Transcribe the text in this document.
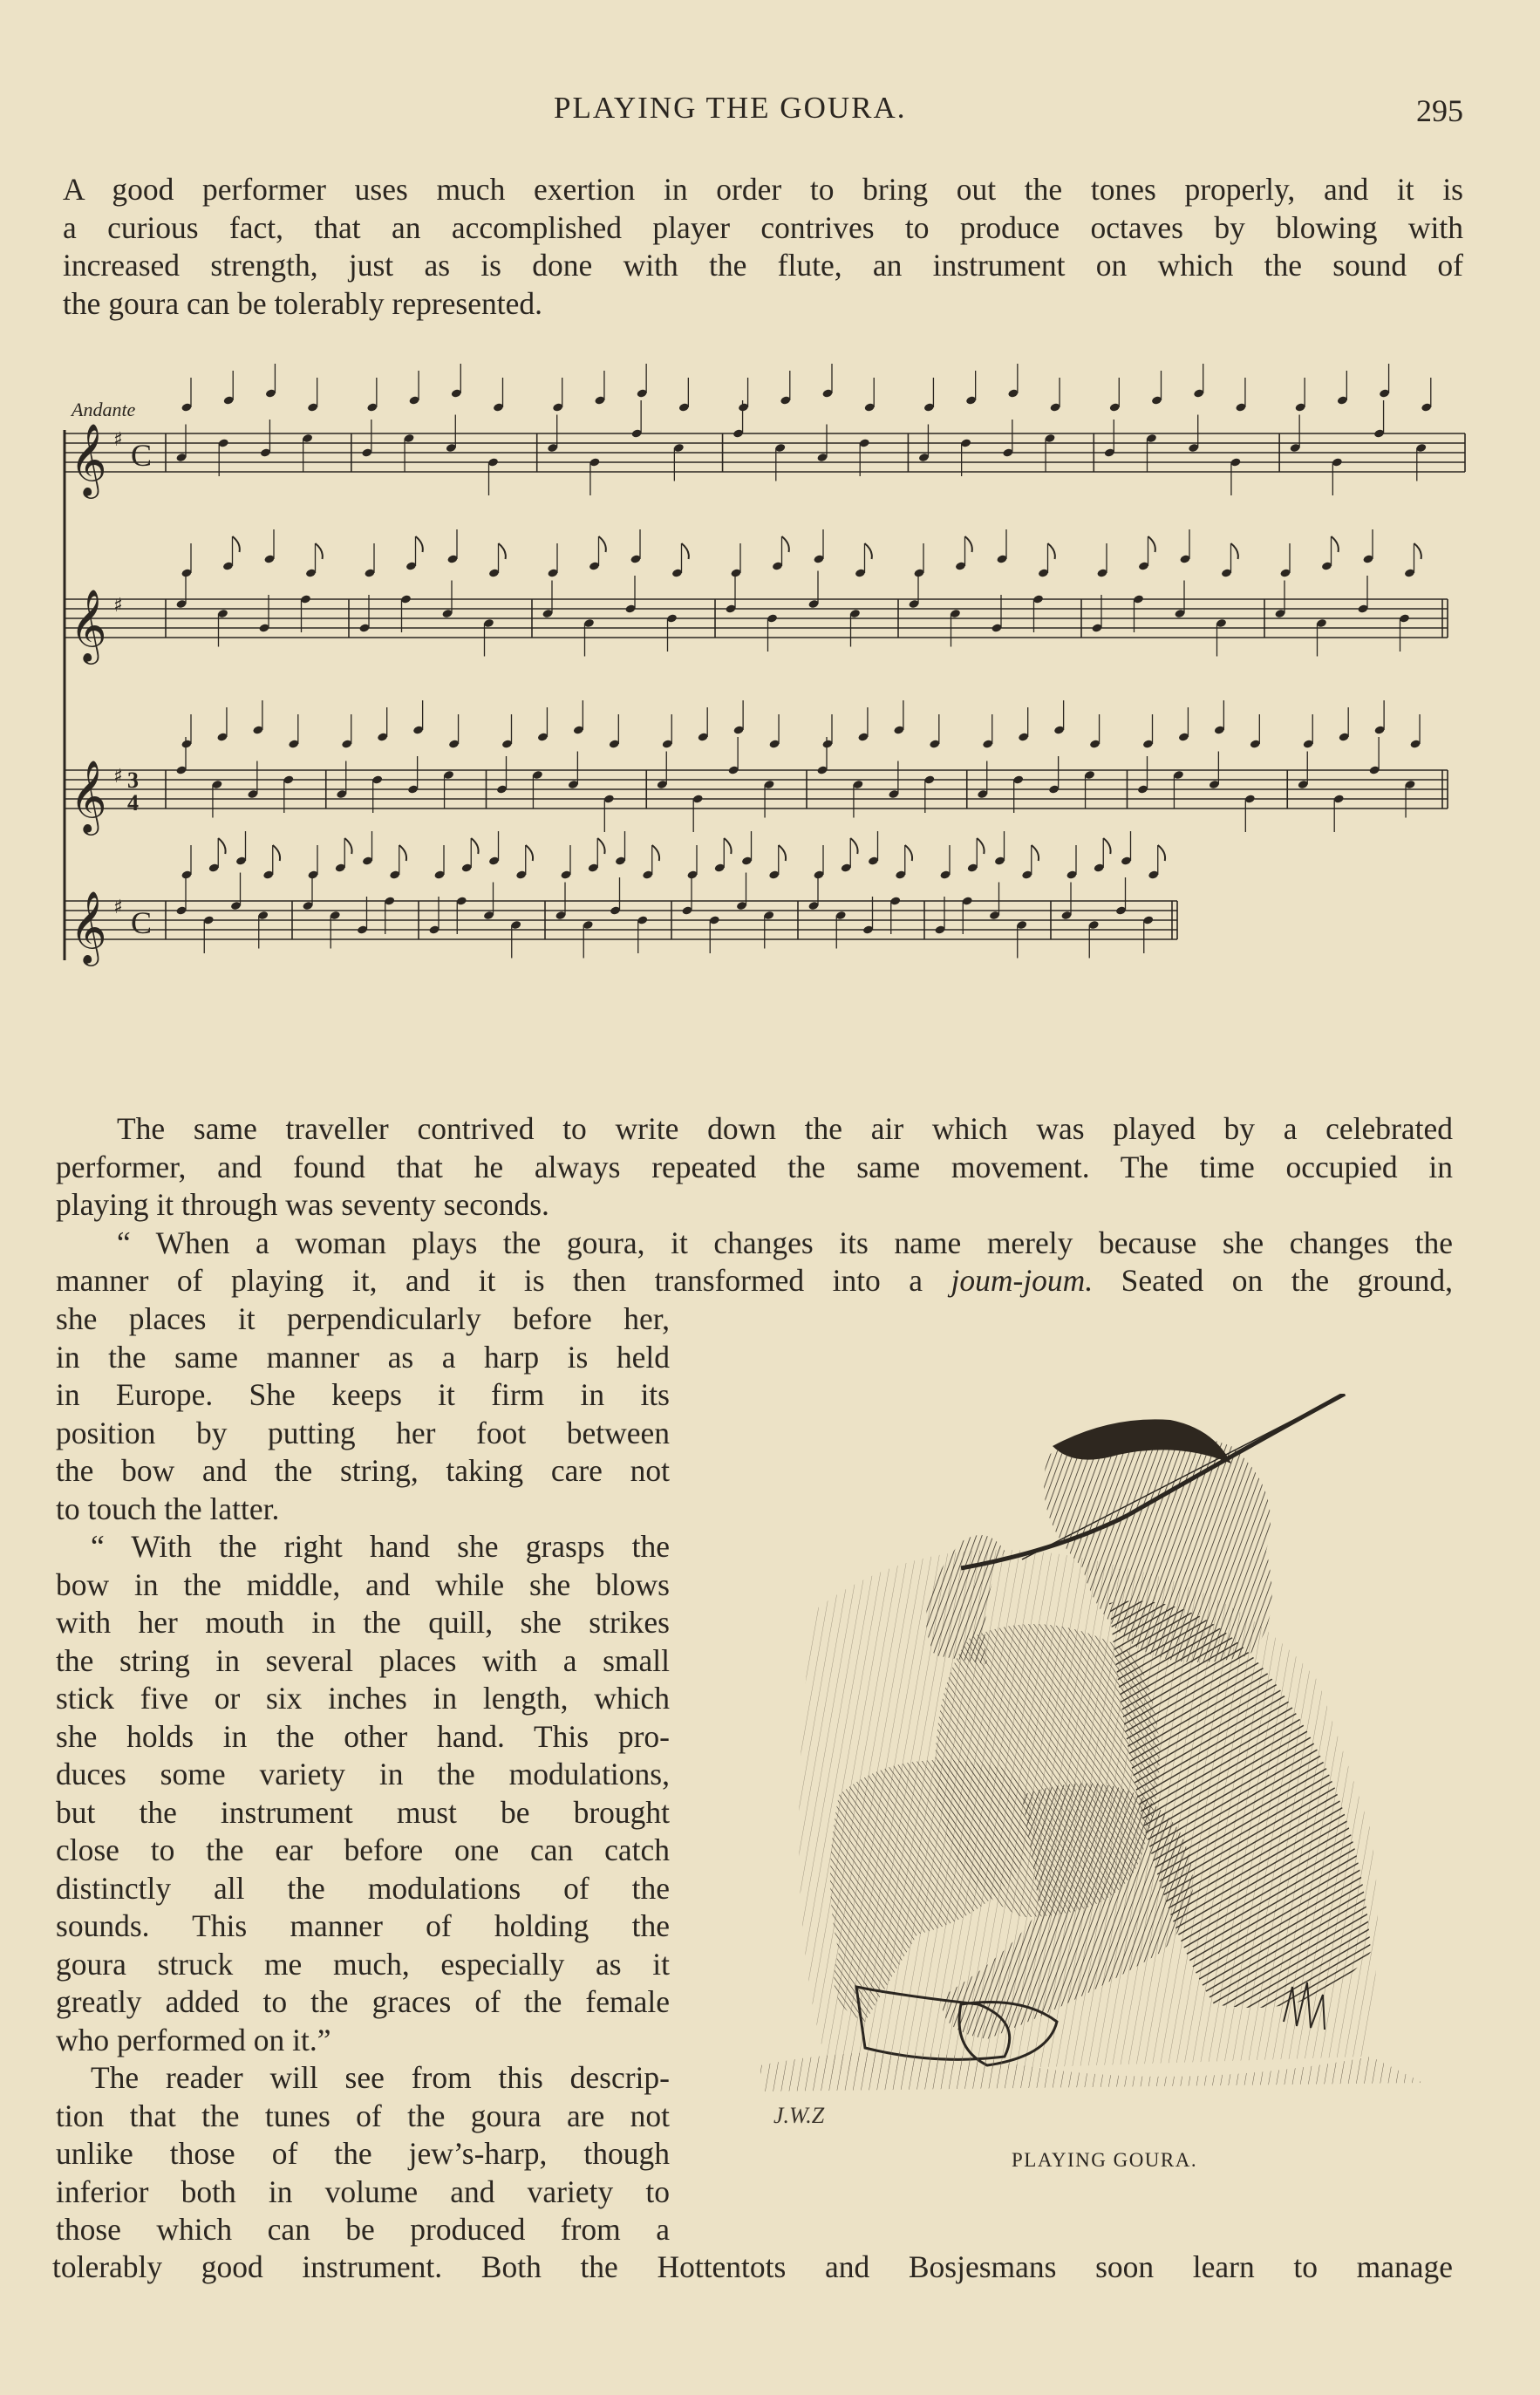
PLAYING THE GOURA.	295
A good performer uses much exertion in order to bring out the tones properly, and it is
a curious fact, that an accomplished player contrives to produce octaves by blowing with
increased strength, just as is done with the flute, an instrument on which the sound of
the goura can be tolerably represented.
Andante
𝄞 ♯ C
𝄞 ♯
𝄞 ♯ 3
4
𝄞 ♯ C
The same traveller contrived to write down the air which was played by a celebrated
performer, and found that he always repeated the same movement. The time occupied in
playing it through was seventy seconds.
“ When a woman plays the goura, it changes its name merely because she changes the
manner of playing it, and it is then transformed into a joum-joum. Seated on the ground,
she places it perpendicularly before her,
in the same manner as a harp is held
in Europe. She keeps it firm in its
position by putting her foot between
the bow and the string, taking care not
to touch the latter.
“ With the right hand she grasps the
bow in the middle, and while she blows
with her mouth in the quill, she strikes
the string in several places with a small
stick five or six inches in length, which
she holds in the other hand. This pro-
duces some variety in the modulations,
but the instrument must be brought
close to the ear before one can catch
distinctly all the modulations of the
sounds. This manner of holding the
goura struck me much, especially as it
greatly added to the graces of the female
who performed on it.”
The reader will see from this descrip-
tion that the tunes of the goura are not
unlike those of the jew’s-harp, though
inferior both in volume and variety to
those which can be produced from a
tolerably good instrument. Both the Hottentots and Bosjesmans soon learn to manage
J.W.Z
PLAYING GOURA.
